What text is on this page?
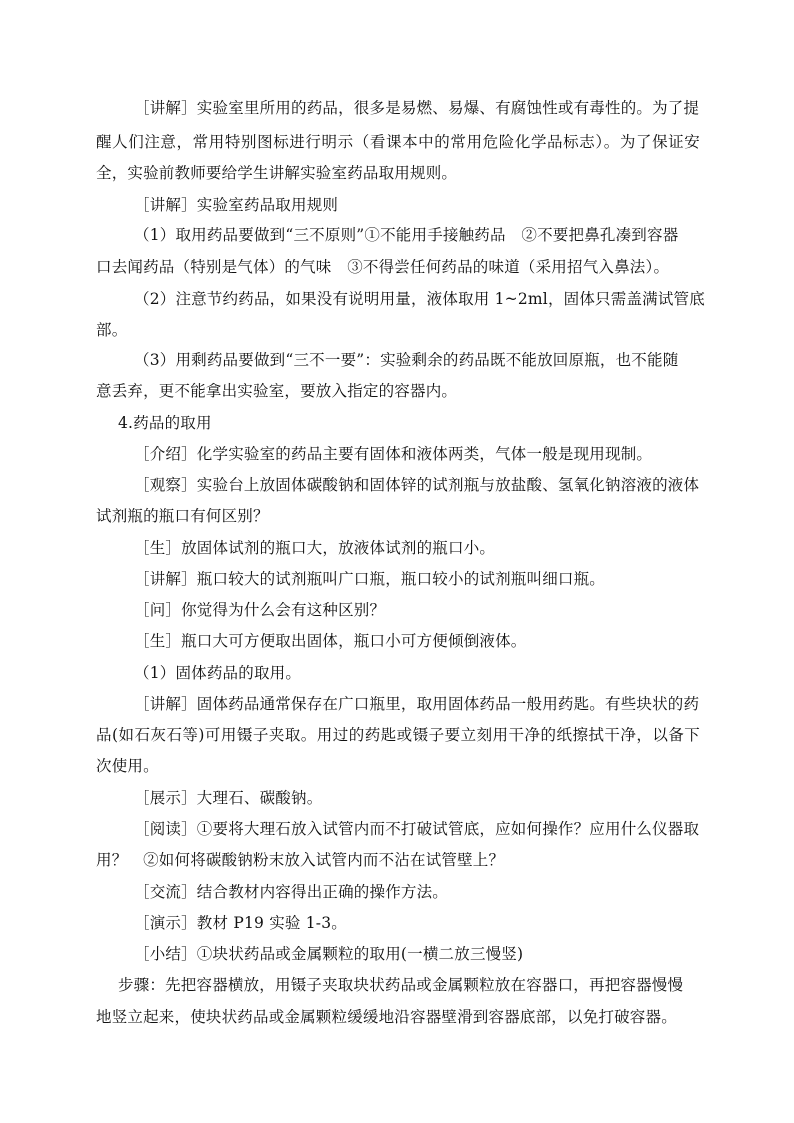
［讲解］实验室里所用的药品，很多是易燃、易爆、有腐蚀性或有毒性的。为了提
醒人们注意，常用特别图标进行明示（看课本中的常用危险化学品标志）。为了保证安
全，实验前教师要给学生讲解实验室药品取用规则。
［讲解］实验室药品取用规则
（1）取用药品要做到“三不原则”①不能用手接触药品　②不要把鼻孔凑到容器
口去闻药品（特别是气体）的气味　③不得尝任何药品的味道（采用招气入鼻法）。
（2）注意节约药品，如果没有说明用量，液体取用 1~2ml，固体只需盖满试管底
部。
（3）用剩药品要做到“三不一要”：实验剩余的药品既不能放回原瓶，也不能随
意丢弃，更不能拿出实验室，要放入指定的容器内。
4.药品的取用
［介绍］化学实验室的药品主要有固体和液体两类，气体一般是现用现制。
［观察］实验台上放固体碳酸钠和固体锌的试剂瓶与放盐酸、氢氧化钠溶液的液体
试剂瓶的瓶口有何区别？
［生］放固体试剂的瓶口大，放液体试剂的瓶口小。
［讲解］瓶口较大的试剂瓶叫广口瓶，瓶口较小的试剂瓶叫细口瓶。
［问］你觉得为什么会有这种区别？
［生］瓶口大可方便取出固体，瓶口小可方便倾倒液体。
（1）固体药品的取用。
［讲解］固体药品通常保存在广口瓶里，取用固体药品一般用药匙。有些块状的药
品(如石灰石等)可用镊子夹取。用过的药匙或镊子要立刻用干净的纸擦拭干净，以备下
次使用。
［展示］大理石、碳酸钠。
［阅读］①要将大理石放入试管内而不打破试管底，应如何操作？应用什么仪器取
用？　②如何将碳酸钠粉末放入试管内而不沾在试管壁上？
［交流］结合教材内容得出正确的操作方法。
［演示］教材 P19 实验 1-3。
［小结］①块状药品或金属颗粒的取用(一横二放三慢竖)
步骤：先把容器横放，用镊子夹取块状药品或金属颗粒放在容器口，再把容器慢慢
地竖立起来，使块状药品或金属颗粒缓缓地沿容器壁滑到容器底部，以免打破容器。
